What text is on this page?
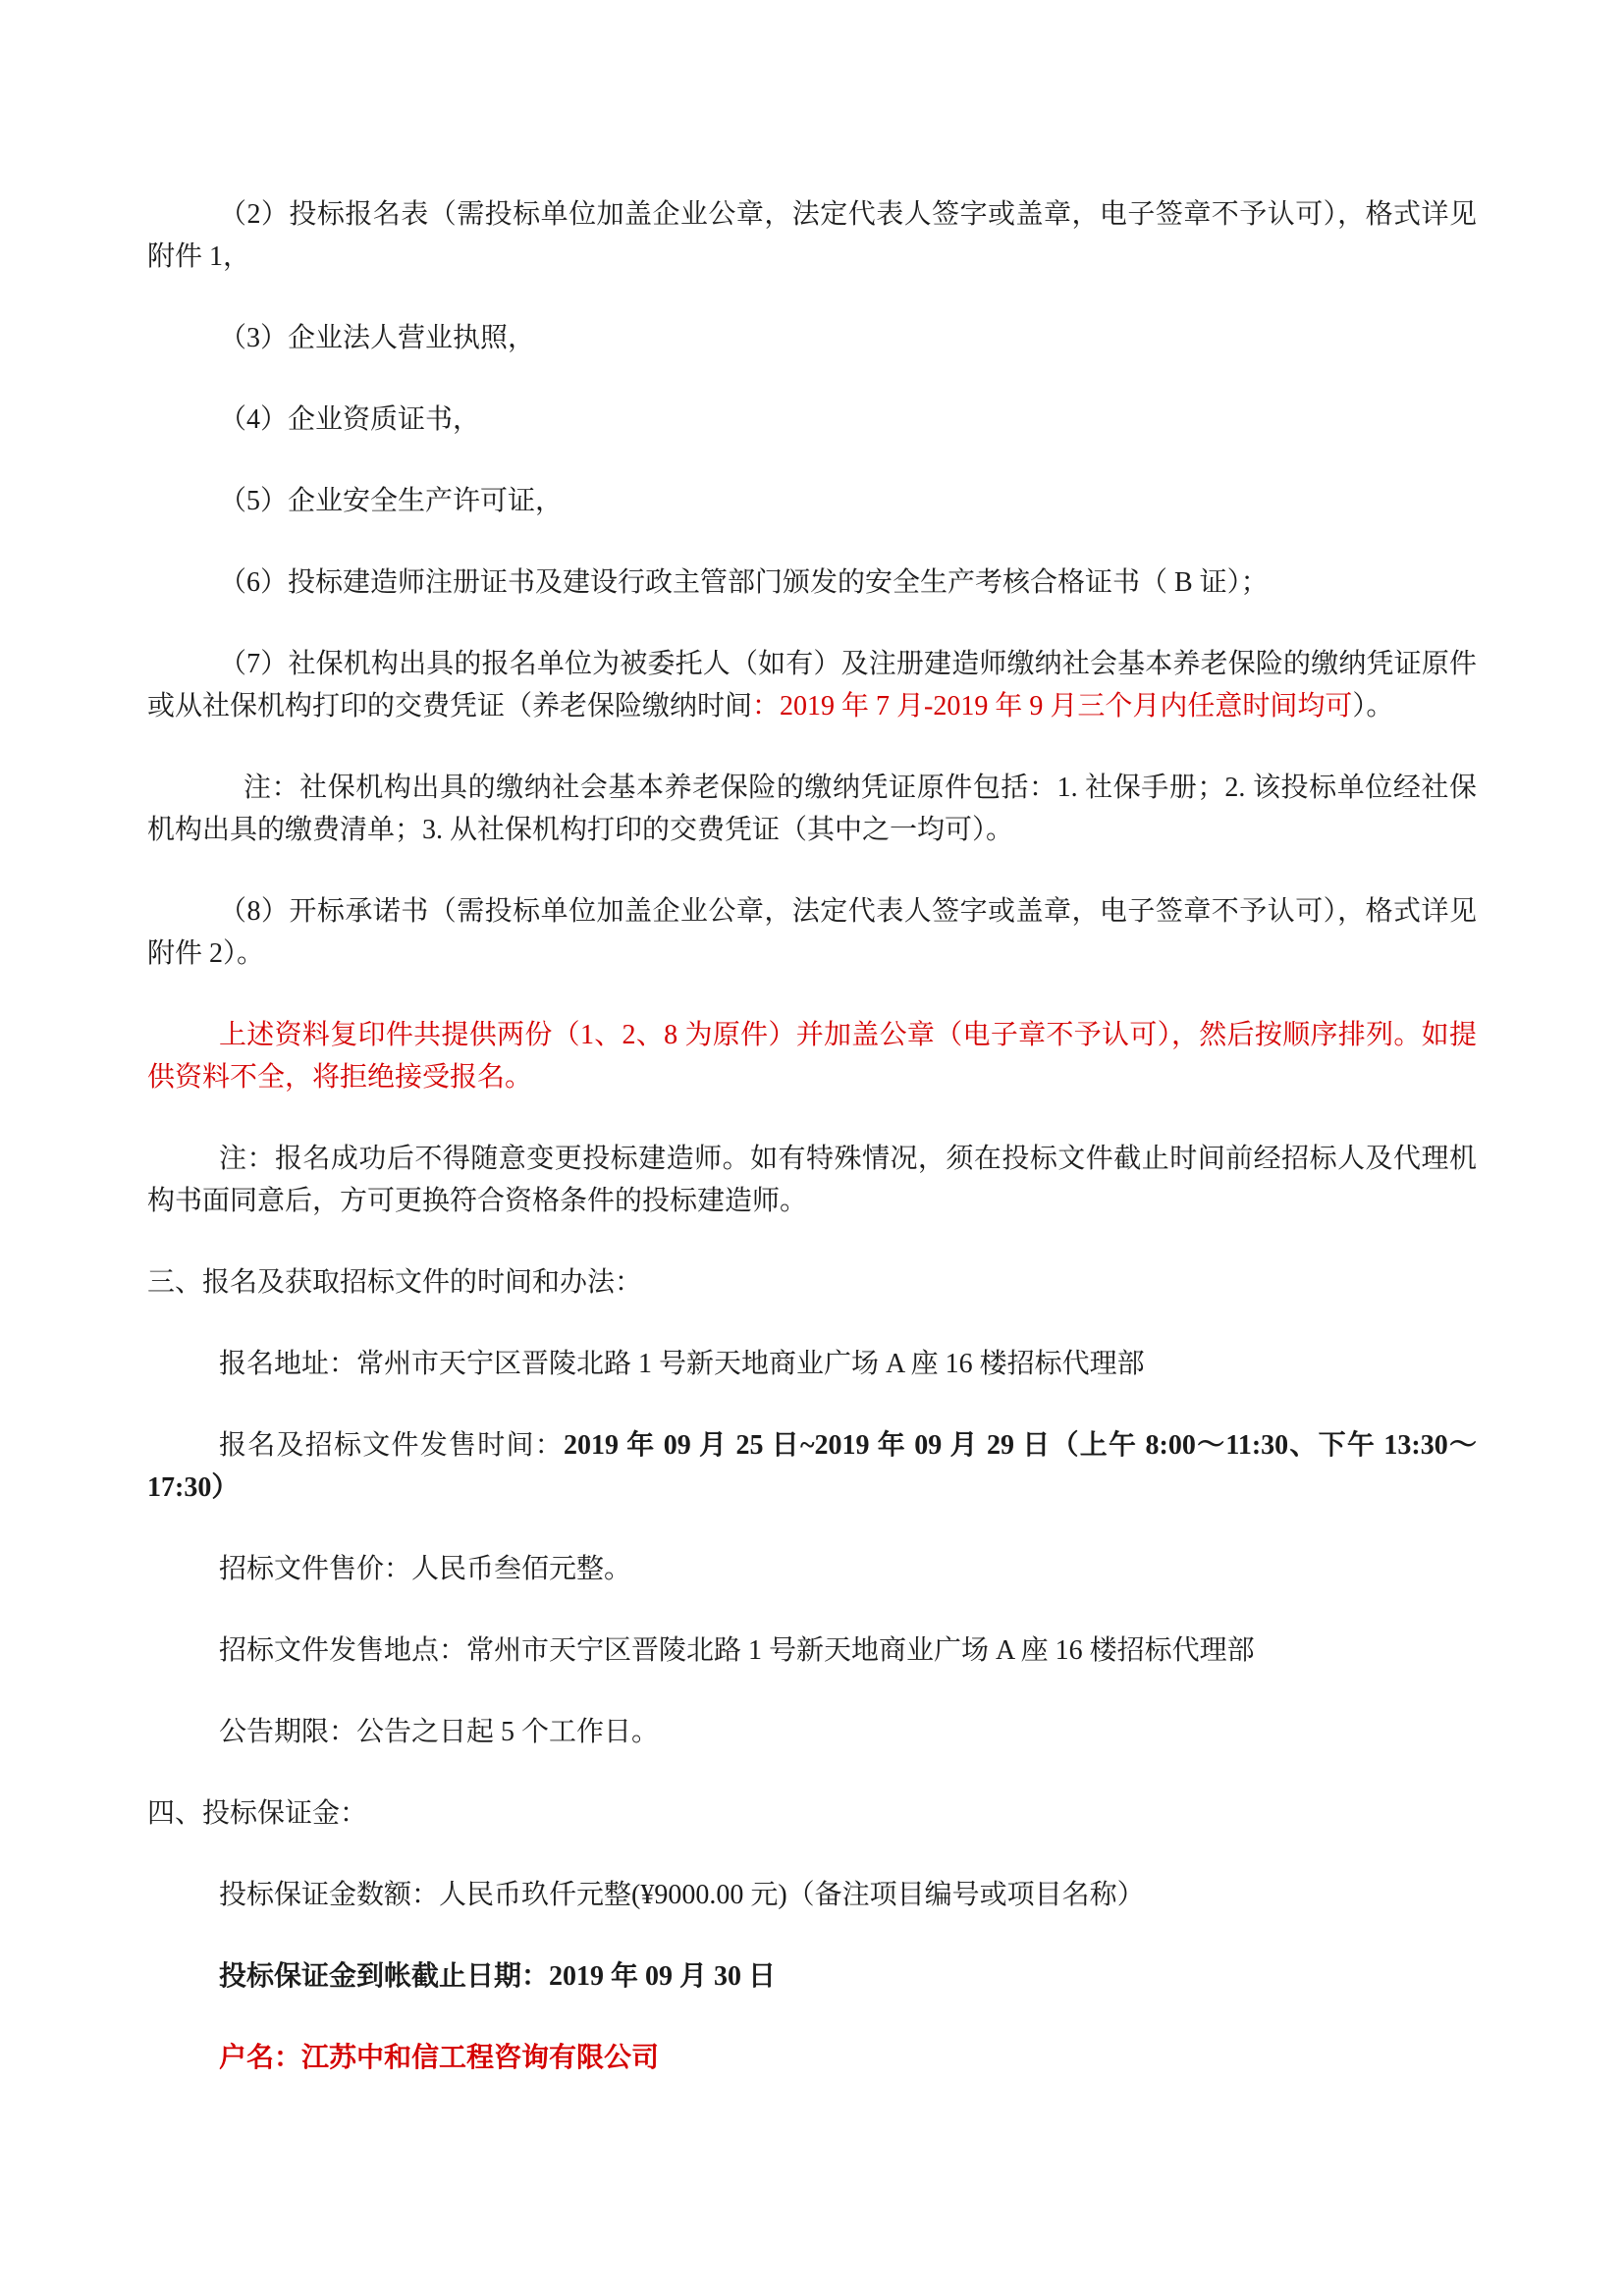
（2）投标报名表（需投标单位加盖企业公章，法定代表人签字或盖章，电子签章不予认可），格式详见附件 1，

（3）企业法人营业执照，

（4）企业资质证书，

（5）企业安全生产许可证，

（6）投标建造师注册证书及建设行政主管部门颁发的安全生产考核合格证书（ B 证）；

（7）社保机构出具的报名单位为被委托人（如有）及注册建造师缴纳社会基本养老保险的缴纳凭证原件或从社保机构打印的交费凭证（养老保险缴纳时间：2019 年 7 月-2019 年 9 月三个月内任意时间均可）。

注：社保机构出具的缴纳社会基本养老保险的缴纳凭证原件包括：1. 社保手册；2. 该投标单位经社保机构出具的缴费清单；3. 从社保机构打印的交费凭证（其中之一均可）。

（8）开标承诺书（需投标单位加盖企业公章，法定代表人签字或盖章，电子签章不予认可），格式详见附件 2）。

上述资料复印件共提供两份（1、2、8 为原件）并加盖公章（电子章不予认可），然后按顺序排列。如提供资料不全，将拒绝接受报名。

注：报名成功后不得随意变更投标建造师。如有特殊情况，须在投标文件截止时间前经招标人及代理机构书面同意后，方可更换符合资格条件的投标建造师。

三、报名及获取招标文件的时间和办法：

报名地址：常州市天宁区晋陵北路 1 号新天地商业广场 A 座 16 楼招标代理部

报名及招标文件发售时间：2019 年 09 月 25 日~2019 年 09 月 29 日（上午 8:00～11:30、下午 13:30～17:30）

招标文件售价：人民币叁佰元整。

招标文件发售地点：常州市天宁区晋陵北路 1 号新天地商业广场 A 座 16 楼招标代理部

公告期限：公告之日起 5 个工作日。

四、投标保证金：

投标保证金数额：人民币玖仟元整(¥9000.00 元)（备注项目编号或项目名称）

投标保证金到帐截止日期：2019 年 09 月 30 日

户名：江苏中和信工程咨询有限公司
